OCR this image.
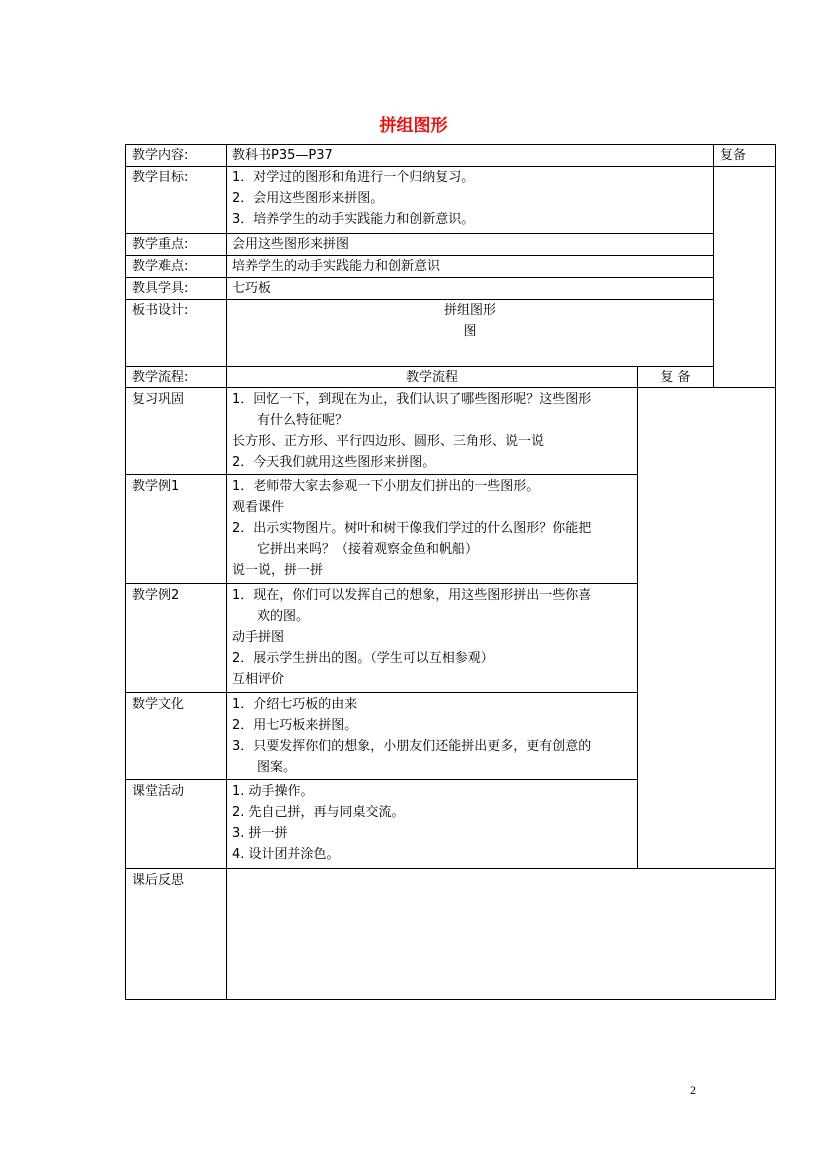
拼组图形
教学内容:	教科书P35—P37	复备
教学目标:	1．对学过的图形和角进行一个归纳复习。
2．会用这些图形来拼图。
3．培养学生的动手实践能力和创新意识。
教学重点:	会用这些图形来拼图
教学难点:	培养学生的动手实践能力和创新意识
教具学具:	七巧板
板书设计:	拼组图形
图
教学流程:	教学流程	复 备
复习巩固	1．回忆一下，到现在为止，我们认识了哪些图形呢？这些图形
有什么特征呢？
长方形、正方形、平行四边形、圆形、三角形、说一说
2．今天我们就用这些图形来拼图。
教学例1	1．老师带大家去参观一下小朋友们拼出的一些图形。
观看课件
2．出示实物图片。树叶和树干像我们学过的什么图形？你能把
它拼出来吗？（接着观察金鱼和帆船）
说一说，拼一拼
教学例2	1．现在，你们可以发挥自己的想象，用这些图形拼出一些你喜
欢的图。
动手拼图
2．展示学生拼出的图。（学生可以互相参观）
互相评价
数学文化	1．介绍七巧板的由来
2．用七巧板来拼图。
3．只要发挥你们的想象，小朋友们还能拼出更多，更有创意的
图案。
课堂活动	1. 动手操作。
2. 先自己拼，再与同桌交流。
3. 拼一拼
4. 设计团并涂色。
课后反思
2
